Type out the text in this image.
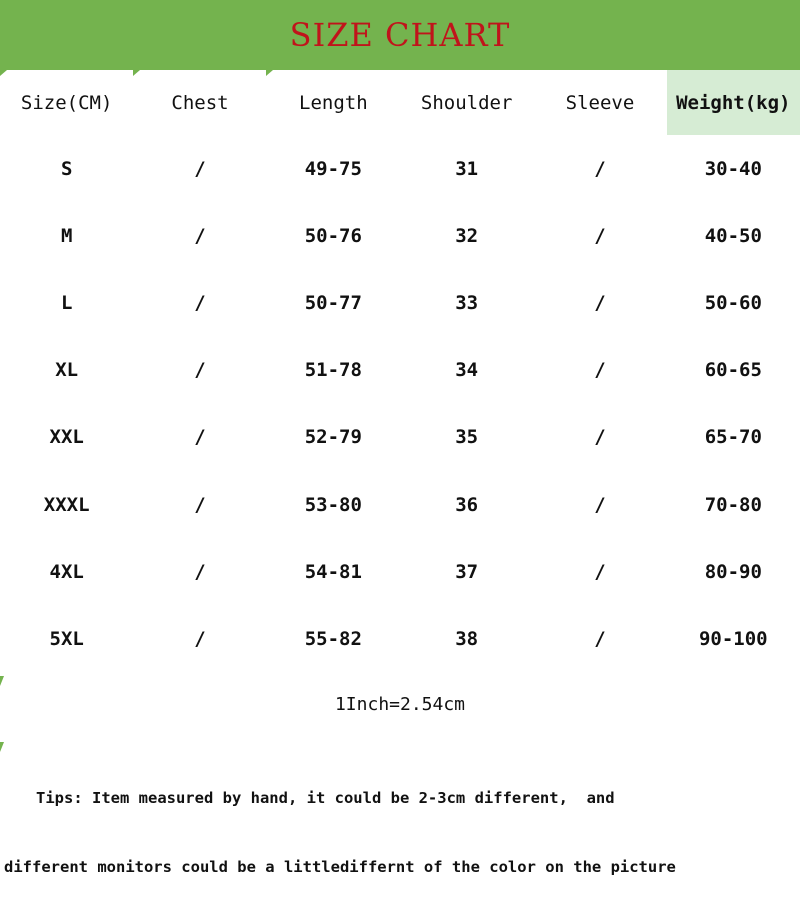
SIZE CHART
Size(CM)	Chest	Length	Shoulder	Sleeve	Weight(kg)
S	/	49-75	31	/	30-40
M	/	50-76	32	/	40-50
L	/	50-77	33	/	50-60
XL	/	51-78	34	/	60-65
XXL	/	52-79	35	/	65-70
XXXL	/	53-80	36	/	70-80
4XL	/	54-81	37	/	80-90
5XL	/	55-82	38	/	90-100
1Inch=2.54cm

Tips: Item measured by hand, it could be 2-3cm different,  and

different monitors could be a littlediffernt of the color on the picture
